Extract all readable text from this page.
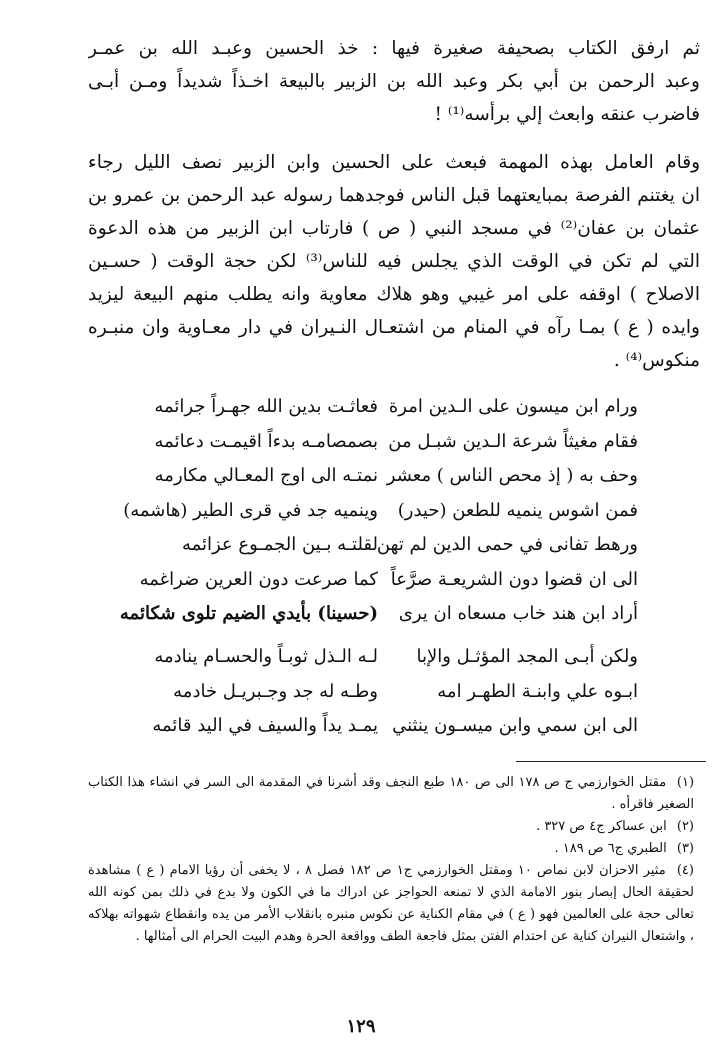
ثم ارفق الكتاب بصحيفة صغيرة فيها : خذ الحسين وعبـد الله بن عمـر
وعبد الرحمن بن أبي بكر وعبد الله بن الزبير بالبيعة اخـذاً شديداً ومـن أبـى
فاضرب عنقه وابعث إلي برأسه⁽¹⁾ !
وقام العامل بهذه المهمة فبعث على الحسين وابن الزبير نصف الليل رجاء
ان يغتنم الفرصة بمبايعتهما قبل الناس فوجدهما رسوله عبد الرحمن بن عمرو بن
عثمان بن عفان⁽²⁾ في مسجد النبي ( ص ) فارتاب ابن الزبير من هذه الدعوة
التي لم تكن في الوقت الذي يجلس فيه للناس⁽³⁾ لكن حجة الوقت ( حسـين
الاصلاح ) اوقفه على امر غيبي وهو هلاك معاوية وانه يطلب منهم البيعة ليزيد
وايده ( ع ) بمـا رآه في المنام من اشتعـال النـيران في دار معـاوية وان منبـره
منكوس⁽⁴⁾ .
ورام ابن ميسون على الـدين امرة
فعاثـت بدين الله جهـراً جرائمه
فقام مغيثاً شرعة الـدين شبـل من
بصمصامـه بدءاً اقيمـت دعائمه
وحف به ( إذ محص الناس ) معشر
نمتـه الى اوج المعـالي مكارمه
فمن اشوس ينميه للطعن (حيدر)
وينميه جد في قرى الطير (هاشمه)
ورهط تفانى في حمى الدين لم تهن
لقلتـه بـين الجمـوع عزائمه
الى ان قضوا دون الشريعـة صرَّعاً
كما صرعت دون العرين ضراغمه
أراد ابن هند خاب مسعاه ان يرى
(حسينا) بأيدي الضيم تلوى شكائمه
ولكن أبـى المجد المؤثـل والإبا
لـه الـذل ثوبـاً والحسـام ينادمه
ابـوه علي وابنـة الطهـر امه
وطـه له جد وجـبريـل خادمه
الى ابن سمي وابن ميسـون ينثني
يمـد يداً والسيف في اليد قائمه
(١) مقتل الخوارزمي ج ص ١٧٨ الى ص ١٨٠ طبع النجف وقد أشرنا في المقدمة الى السر في انشاء هذا الكتاب الصغير فاقرأه .
(٢) ابن عساكر ج٤ ص ٣٢٧ .
(٣) الطبري ج٦ ص ١٨٩ .
(٤) مثير الاحزان لابن نماص ١٠ ومقتل الخوارزمي ج١ ص ١٨٢ فصل ٨ ، لا يخفى أن رؤيا الامام ( ع ) مشاهدة لحقيقة الحال إبصار بنور الامامة الذي لا تمنعه الحواجز عن ادراك ما في الكون ولا بدع في ذلك بمن كونه الله تعالى حجة على العالمين فهو ( ع ) في مقام الكناية عن نكوس منبره بانقلاب الأمر من يده وانقطاع شهواته بهلاكه ، واشتعال النيران كناية عن احتدام الفتن بمثل فاجعة الطف وواقعة الحرة وهدم البيت الحرام الى أمثالها .
١٢٩
